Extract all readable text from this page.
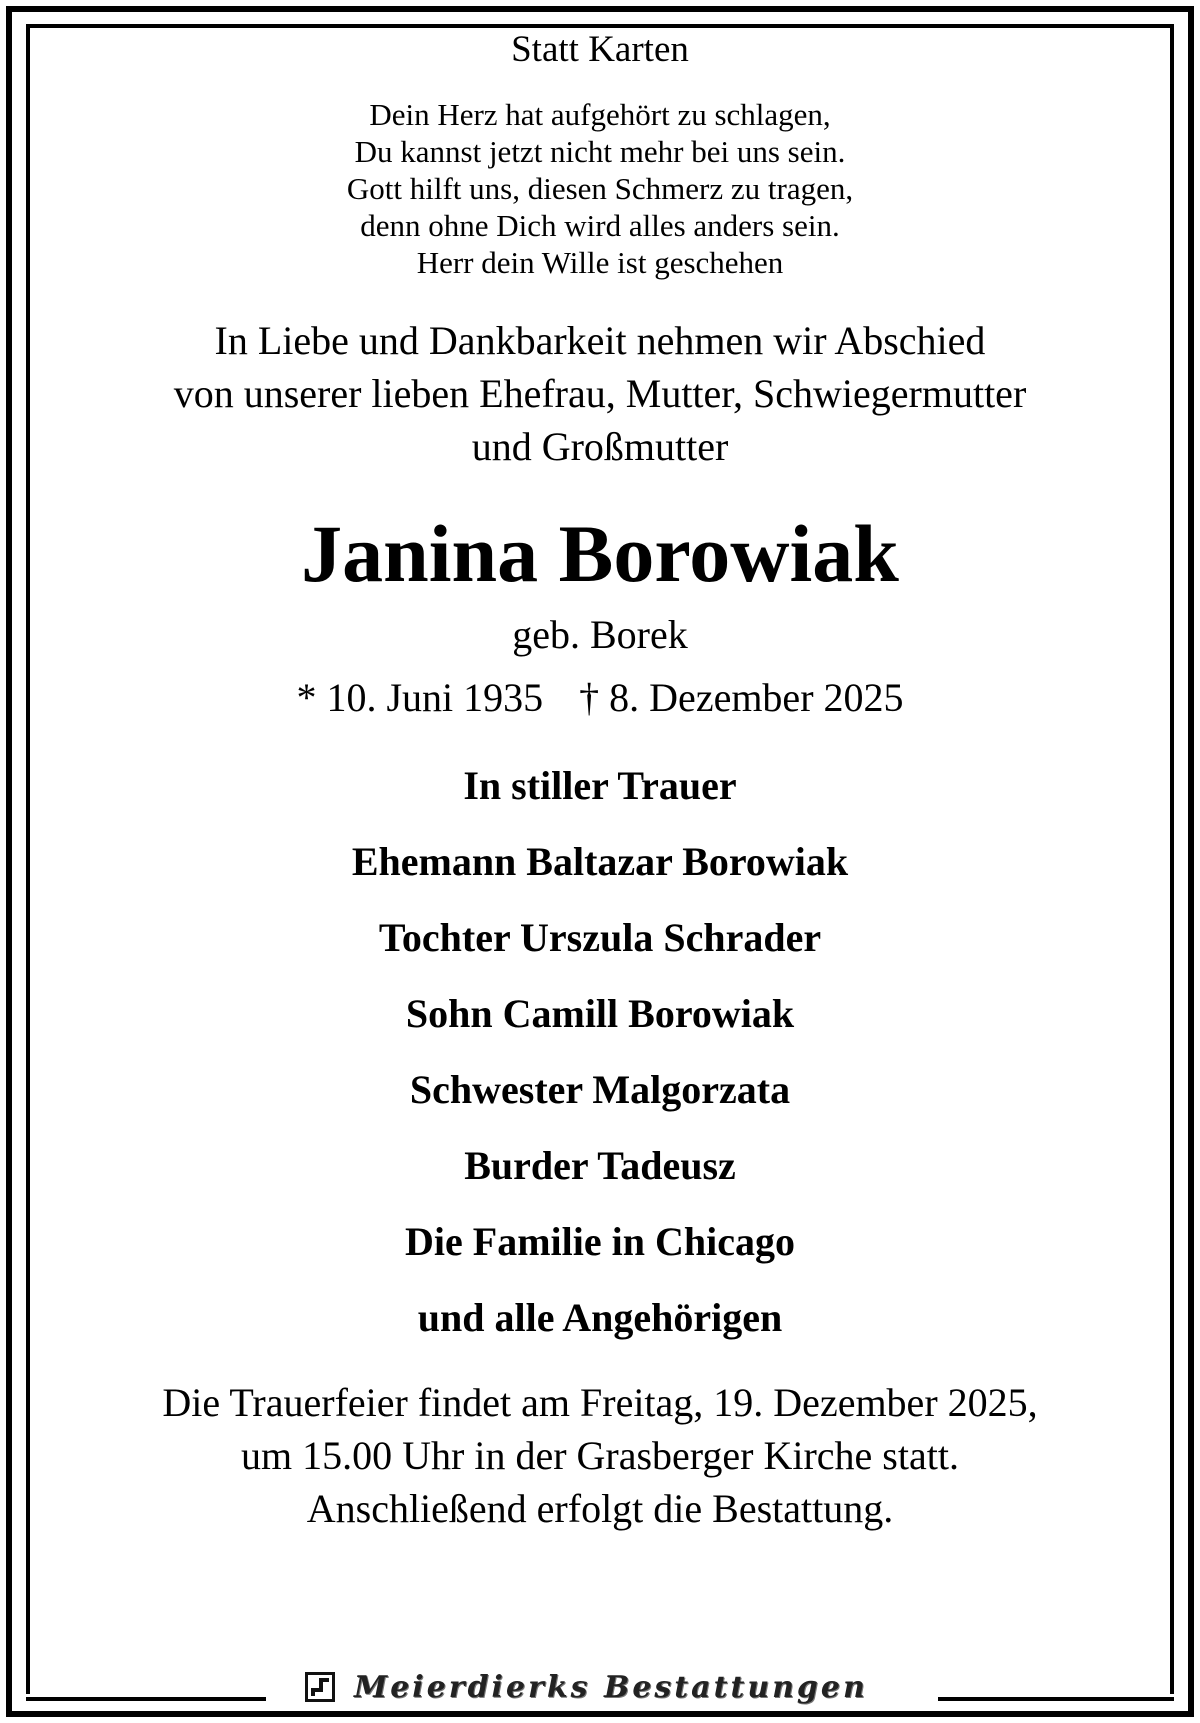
Statt Karten
Dein Herz hat aufgehört zu schlagen,
Du kannst jetzt nicht mehr bei uns sein.
Gott hilft uns, diesen Schmerz zu tragen,
denn ohne Dich wird alles anders sein.
Herr dein Wille ist geschehen
In Liebe und Dankbarkeit nehmen wir Abschied
von unserer lieben Ehefrau, Mutter, Schwiegermutter
und Großmutter
Janina Borowiak
geb. Borek
* 10. Juni 1935 † 8. Dezember 2025
In stiller Trauer
Ehemann Baltazar Borowiak
Tochter Urszula Schrader
Sohn Camill Borowiak
Schwester Malgorzata
Burder Tadeusz
Die Familie in Chicago
und alle Angehörigen
Die Trauerfeier findet am Freitag, 19. Dezember 2025,
um 15.00 Uhr in der Grasberger Kirche statt.
Anschließend erfolgt die Bestattung.
Meierdierks Bestattungen
